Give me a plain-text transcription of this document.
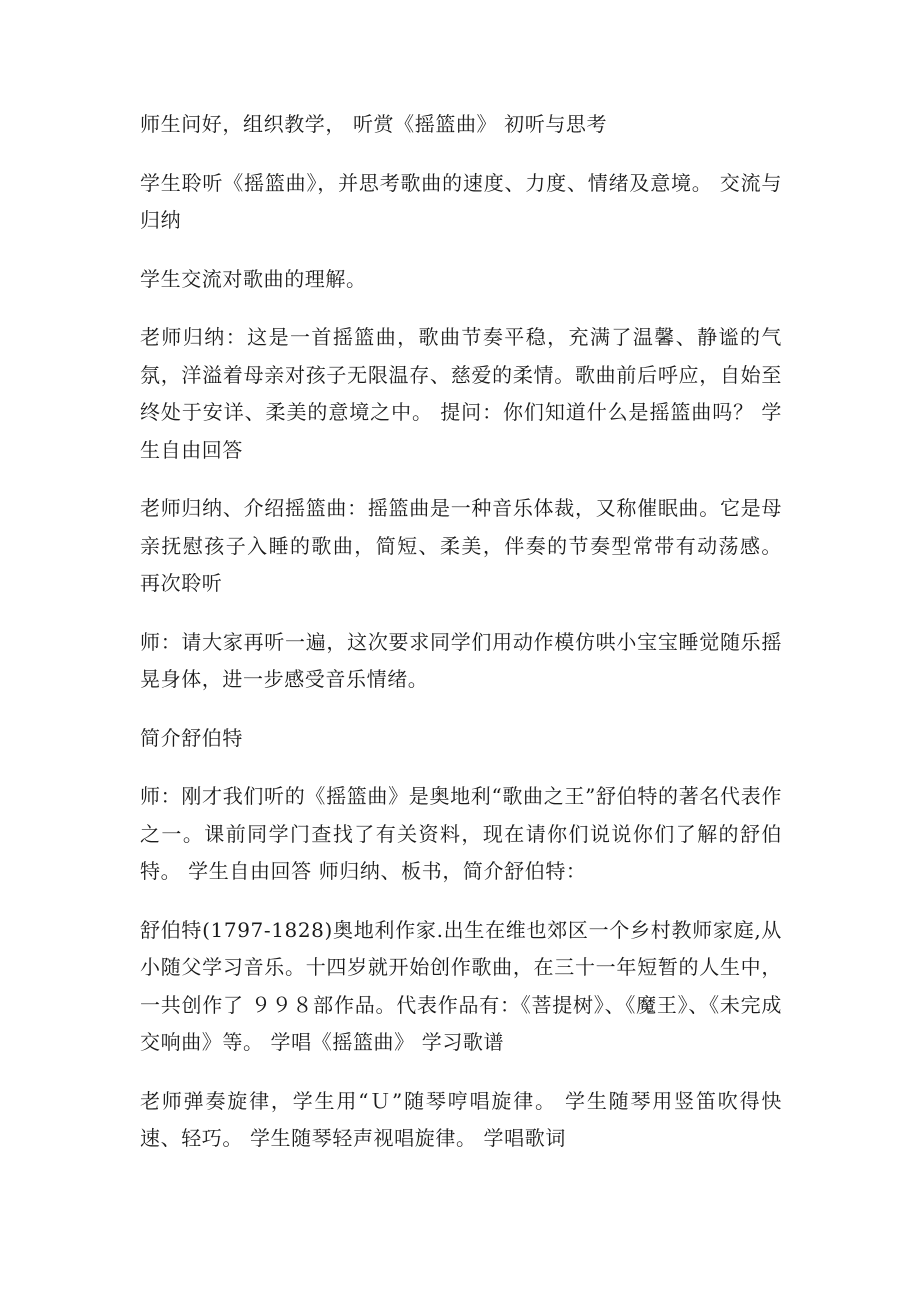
师生问好，组织教学， 听赏《摇篮曲》 初听与思考

学生聆听《摇篮曲》，并思考歌曲的速度、力度、情绪及意境。 交流与归纳

学生交流对歌曲的理解。

老师归纳：这是一首摇篮曲，歌曲节奏平稳，充满了温馨、静谧的气氛，洋溢着母亲对孩子无限温存、慈爱的柔情。歌曲前后呼应，自始至终处于安详、柔美的意境之中。 提问：你们知道什么是摇篮曲吗？ 学生自由回答

老师归纳、介绍摇篮曲：摇篮曲是一种音乐体裁，又称催眠曲。它是母亲抚慰孩子入睡的歌曲，简短、柔美，伴奏的节奏型常带有动荡感。 再次聆听

师：请大家再听一遍，这次要求同学们用动作模仿哄小宝宝睡觉随乐摇晃身体，进一步感受音乐情绪。

简介舒伯特

师：刚才我们听的《摇篮曲》是奥地利“歌曲之王”舒伯特的著名代表作之一。课前同学门查找了有关资料，现在请你们说说你们了解的舒伯特。 学生自由回答 师归纳、板书，简介舒伯特：

舒伯特(1797-1828)奥地利作家.出生在维也郊区一个乡村教师家庭,从小随父学习音乐。十四岁就开始创作歌曲，在三十一年短暂的人生中，一共创作了 ９９８部作品。代表作品有：《菩提树》、《魔王》、《未完成交响曲》等。 学唱《摇篮曲》 学习歌谱

老师弹奏旋律，学生用“Ｕ”随琴哼唱旋律。 学生随琴用竖笛吹得快速、轻巧。 学生随琴轻声视唱旋律。 学唱歌词
